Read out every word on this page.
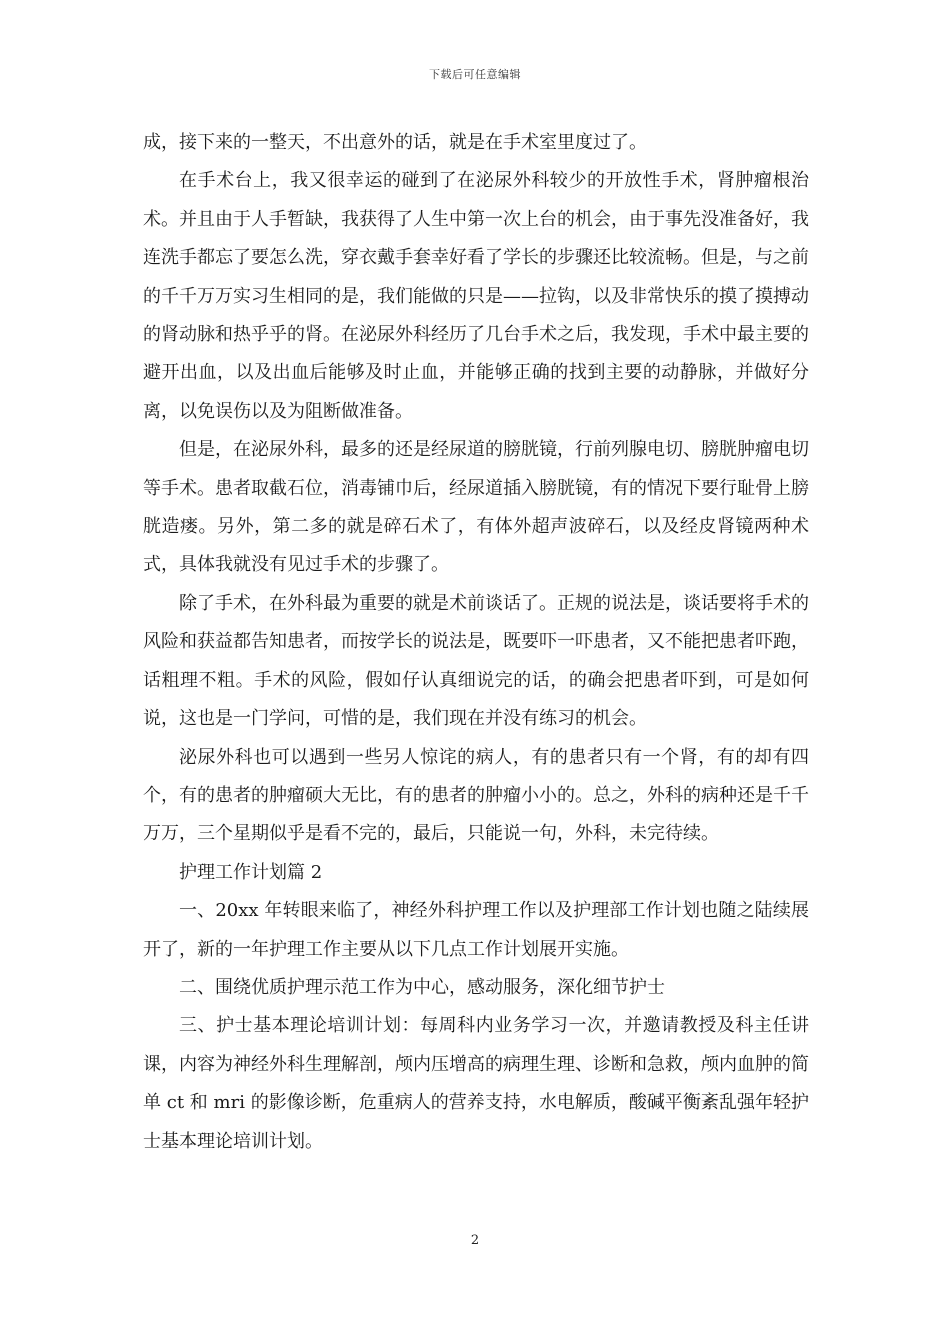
下载后可任意编辑

成，接下来的一整天，不出意外的话，就是在手术室里度过了。

在手术台上，我又很幸运的碰到了在泌尿外科较少的开放性手术，肾肿瘤根治术。并且由于人手暂缺，我获得了人生中第一次上台的机会，由于事先没准备好，我连洗手都忘了要怎么洗，穿衣戴手套幸好看了学长的步骤还比较流畅。但是，与之前的千千万万实习生相同的是，我们能做的只是——拉钩，以及非常快乐的摸了摸搏动的肾动脉和热乎乎的肾。在泌尿外科经历了几台手术之后，我发现，手术中最主要的避开出血，以及出血后能够及时止血，并能够正确的找到主要的动静脉，并做好分离，以免误伤以及为阻断做准备。

但是，在泌尿外科，最多的还是经尿道的膀胱镜，行前列腺电切、膀胱肿瘤电切等手术。患者取截石位，消毒铺巾后，经尿道插入膀胱镜，有的情况下要行耻骨上膀胱造瘘。另外，第二多的就是碎石术了，有体外超声波碎石，以及经皮肾镜两种术式，具体我就没有见过手术的步骤了。

除了手术，在外科最为重要的就是术前谈话了。正规的说法是，谈话要将手术的风险和获益都告知患者，而按学长的说法是，既要吓一吓患者，又不能把患者吓跑，话粗理不粗。手术的风险，假如仔认真细说完的话，的确会把患者吓到，可是如何说，这也是一门学问，可惜的是，我们现在并没有练习的机会。

泌尿外科也可以遇到一些另人惊诧的病人，有的患者只有一个肾，有的却有四个，有的患者的肿瘤硕大无比，有的患者的肿瘤小小的。总之，外科的病种还是千千万万，三个星期似乎是看不完的，最后，只能说一句，外科，未完待续。

护理工作计划篇 2

一、20xx 年转眼来临了，神经外科护理工作以及护理部工作计划也随之陆续展开了，新的一年护理工作主要从以下几点工作计划展开实施。

二、围绕优质护理示范工作为中心，感动服务，深化细节护士

三、护士基本理论培训计划：每周科内业务学习一次，并邀请教授及科主任讲课，内容为神经外科生理解剖，颅内压增高的病理生理、诊断和急救，颅内血肿的简单 ct 和 mri 的影像诊断，危重病人的营养支持，水电解质，酸碱平衡紊乱强年轻护士基本理论培训计划。

2
